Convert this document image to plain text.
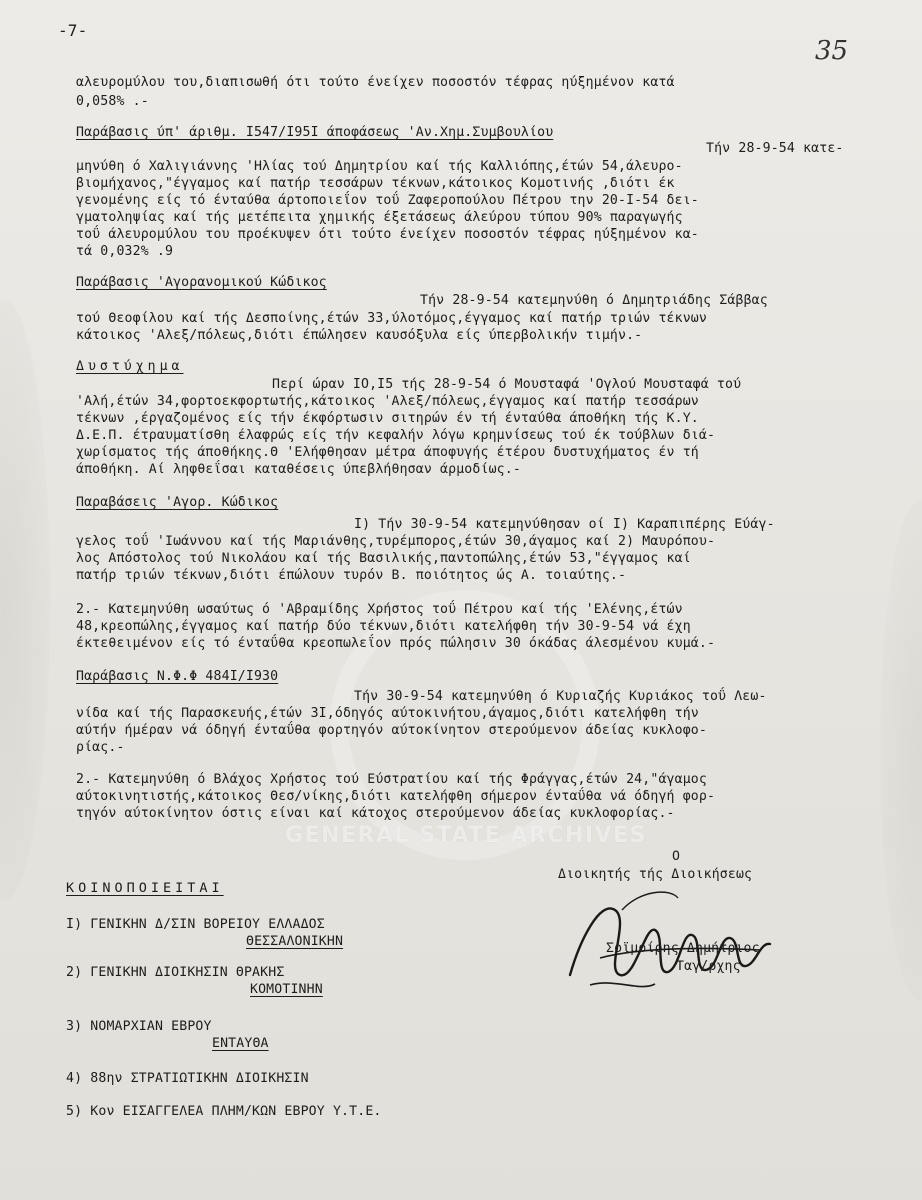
-7-
35
αλευρομύλου του,διαπισωθή ότι τούτο ένείχεν ποσοστόν τέφρας ηύξημένον κατά
0,058% .-
Παράβασις ύπ' άριθμ. I547/I95I άποφάσεως 'Αν.Χημ.Συμβουλίου
Τήν 28-9-54 κατε-
μηνύθη ό Χαλιγιάννης 'Ηλίας τού Δημητρίου καί τής Καλλιόπης,έτών 54,άλευρο-
βιομήχανος,"έγγαμος καί πατήρ τεσσάρων τέκνων,κάτοικος Κομοτινής ,διότι έκ
γενομένης είς τό ένταύθα άρτοποιεΐον τοΰ Ζαφεροπούλου Πέτρου την 20-I-54 δει-
γματοληψίας καί τής μετέπειτα χημικής έξετάσεως άλεύρου τύπου 90% παραγωγής
τοΰ άλευρομύλου του προέκυψεν ότι τούτο ένείχεν ποσοστόν τέφρας ηύξημένον κα-
τά 0,032% .9
Παράβασις 'Αγορανομικού Κώδικος
Τήν 28-9-54 κατεμηνύθη ό Δημητριάδης Σάββας
τού Θεοφίλου καί τής Δεσποίνης,έτών 33,ύλοτόμος,έγγαμος καί πατήρ τριών τέκνων
κάτοικος 'Αλεξ/πόλεως,διότι έπώλησεν καυσόξυλα είς ύπερβολικήν τιμήν.-
Δυστύχημα
Περί ώραν IO,I5 τής 28-9-54 ό Μουσταφά 'Ογλού Μουσταφά τού
'Αλή,έτών 34,φορτοεκφορτωτής,κάτοικος 'Αλεξ/πόλεως,έγγαμος καί πατήρ τεσσάρων
τέκνων ,έργαζομένος είς τήν έκφόρτωσιν σιτηρών έν τή ένταύθα άποθήκη τής Κ.Υ.
Δ.Ε.Π. έτραυματίσθη έλαφρώς είς τήν κεφαλήν λόγω κρημνίσεως τού έκ τούβλων διά-
χωρίσματος τής άποθήκης.Θ 'Ελήφθησαν μέτρα άποφυγής έτέρου δυστυχήματος έν τή
άποθήκη. Αί ληφθεΐσαι καταθέσεις ύπεβλήθησαν άρμοδίως.-
Παραβάσεις 'Αγορ. Κώδικος
I) Τήν 30-9-54 κατεμηνύθησαν οί I) Καραπιπέρης Εύάγ-
γελος τοΰ 'Ιωάννου καί τής Μαριάνθης,τυρέμπορος,έτών 30,άγαμος καί 2) Μαυρόπου-
λος Απόστολος τού Νικολάου καί τής Βασιλικής,παντοπώλης,έτών 53,"έγγαμος καί
πατήρ τριών τέκνων,διότι έπώλουν τυρόν Β. ποιότητος ώς Α. τοιαύτης.-
2.- Κατεμηνύθη ωσαύτως ό 'Αβραμίδης Χρήστος τοΰ Πέτρου καί τής 'Ελένης,έτών
48,κρεοπώλης,έγγαμος καί πατήρ δύο τέκνων,διότι κατελήφθη τήν 30-9-54 νά έχη
έκτεθειμένον είς τό ένταΰθα κρεοπωλεΐον πρός πώλησιν 30 όκάδας άλεσμένου κυμά.-
Παράβασις Ν.Φ.Φ 484I/I930
Τήν 30-9-54 κατεμηνύθη ό Κυριαζής Κυριάκος τοΰ Λεω-
νίδα καί τής Παρασκευής,έτών 3I,όδηγός αύτοκινήτου,άγαμος,διότι κατελήφθη τήν
αύτήν ήμέραν νά όδηγή ένταΰθα φορτηγόν αύτοκίνητον στερούμενον άδείας κυκλοφο-
ρίας.-
2.- Κατεμηνύθη ό Βλάχος Χρήστος τού Εύστρατίου καί τής Φράγγας,έτών 24,"άγαμος
αύτοκινητιστής,κάτοικος Θεσ/νίκης,διότι κατελήφθη σήμερον ένταΰθα νά όδηγή φορ-
τηγόν αύτοκίνητον όστις είναι καί κάτοχος στερούμενον άδείας κυκλοφορίας.-
GENERAL STATE ARCHIVES
Ο
Διοικητής τής Διοικήσεως
Σοϊμοίρης Δημήτριος
Ταγ/ρχης
ΚΟΙΝΟΠΟΙΕΙΤΑΙ
I) ΓΕΝΙΚΗΝ Δ/ΣΙΝ ΒΟΡΕΙΟΥ ΕΛΛΑΔΟΣ
ΘΕΣΣΑΛΟΝΙΚΗΝ
2) ΓΕΝΙΚΗΝ ΔΙΟΙΚΗΣΙΝ ΘΡΑΚΗΣ
ΚΟΜΟΤΙΝΗΝ
3) ΝΟΜΑΡΧΙΑΝ ΕΒΡΟΥ
ΕΝΤΑΥΘΑ
4) 88ην ΣΤΡΑΤΙΩΤΙΚΗΝ ΔΙΟΙΚΗΣΙΝ
5) Κον ΕΙΣΑΓΓΕΛΕΑ ΠΛΗΜ/ΚΩΝ ΕΒΡΟΥ Υ.Τ.Ε.
